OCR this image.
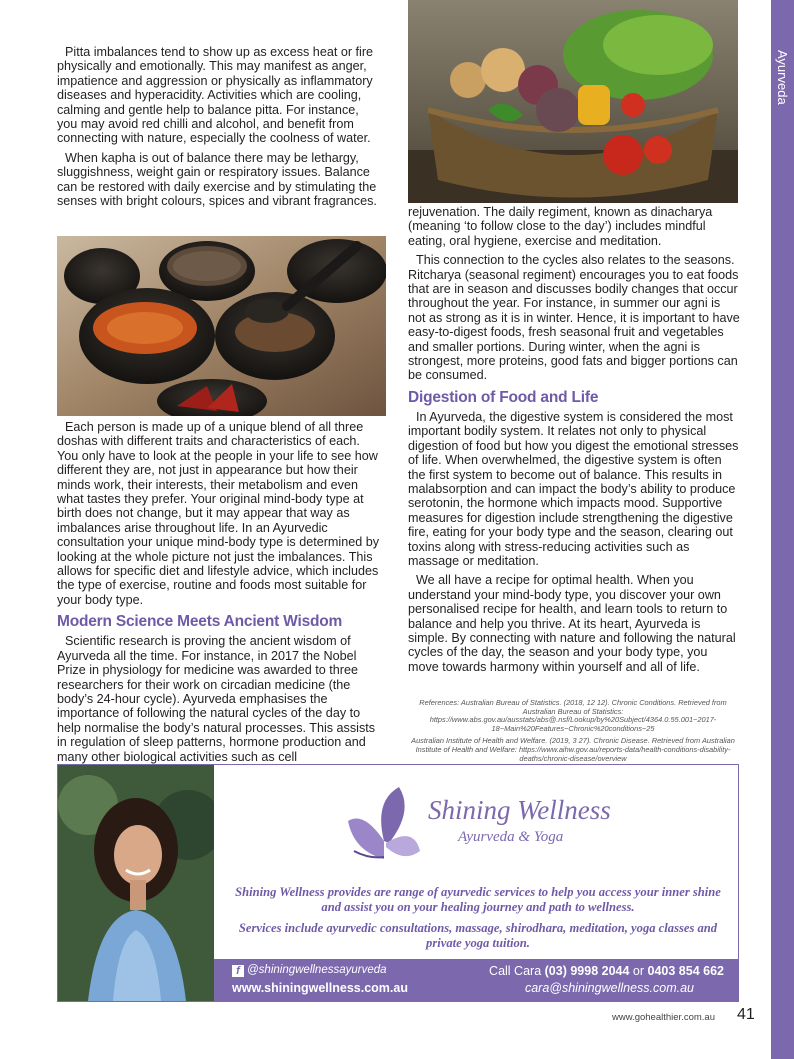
Ayurveda

Pitta imbalances tend to show up as excess heat or fire physically and emotionally. This may manifest as anger, impatience and aggression or physically as inflammatory diseases and hyperacidity. Activities which are cooling, calming and gentle help to balance pitta. For instance, you may avoid red chilli and alcohol, and benefit from connecting with nature, especially the coolness of water.

When kapha is out of balance there may be lethargy, sluggishness, weight gain or respiratory issues. Balance can be restored with daily exercise and by stimulating the senses with bright colours, spices and vibrant fragrances.

Each person is made up of a unique blend of all three doshas with different traits and characteristics of each. You only have to look at the people in your life to see how different they are, not just in appearance but how their minds work, their interests, their metabolism and even what tastes they prefer. Your original mind-body type at birth does not change, but it may appear that way as imbalances arise throughout life. In an Ayurvedic consultation your unique mind-body type is determined by looking at the whole picture not just the imbalances. This allows for specific diet and lifestyle advice, which includes the type of exercise, routine and foods most suitable for your body type.

Modern Science Meets Ancient Wisdom

Scientific research is proving the ancient wisdom of Ayurveda all the time. For instance, in 2017 the Nobel Prize in physiology for medicine was awarded to three researchers for their work on circadian medicine (the body’s 24-hour cycle). Ayurveda emphasises the importance of following the natural cycles of the day to help normalise the body’s natural processes. This assists in regulation of sleep patterns, hormone production and many other biological activities such as cell

rejuvenation. The daily regiment, known as dinacharya (meaning ‘to follow close to the day’) includes mindful eating, oral hygiene, exercise and meditation.

This connection to the cycles also relates to the seasons. Ritcharya (seasonal regiment) encourages you to eat foods that are in season and discusses bodily changes that occur throughout the year. For instance, in summer our agni is not as strong as it is in winter. Hence, it is important to have easy-to-digest foods, fresh seasonal fruit and vegetables and smaller portions. During winter, when the agni is strongest, more proteins, good fats and bigger portions can be consumed.

Digestion of Food and Life

In Ayurveda, the digestive system is considered the most important bodily system. It relates not only to physical digestion of food but how you digest the emotional stresses of life. When overwhelmed, the digestive system is often the first system to become out of balance. This results in malabsorption and can impact the body’s ability to produce serotonin, the hormone which impacts mood. Supportive measures for digestion include strengthening the digestive fire, eating for your body type and the season, clearing out toxins along with stress-reducing activities such as massage or meditation.

We all have a recipe for optimal health. When you understand your mind-body type, you discover your own personalised recipe for health, and learn tools to return to balance and help you thrive. At its heart, Ayurveda is simple. By connecting with nature and following the natural cycles of the day, the season and your body type, you move towards harmony within yourself and all of life.

References: Australian Bureau of Statistics. (2018, 12 12). Chronic Conditions. Retrieved from Australian Bureau of Statistics: https://www.abs.gov.au/ausstats/abs@.nsf/Lookup/by%20Subject/4364.0.55.001~2017-18~Main%20Features~Chronic%20conditions~25

Australian Institute of Health and Welfare. (2019, 3 27). Chronic Disease. Retrieved from Australian Institute of Health and Welfare: https://www.aihw.gov.au/reports-data/health-conditions-disability-deaths/chronic-disease/overview

Shining Wellness
Ayurveda & Yoga
Shining Wellness provides are range of ayurvedic services to help you access your inner shine and assist you on your healing journey and path to wellness.
Services include ayurvedic consultations, massage, shirodhara, meditation, yoga classes and private yoga tuition.
f @shiningwellnessayurveda
www.shiningwellness.com.au
Call Cara (03) 9998 2044 or 0403 854 662
cara@shiningwellness.com.au
www.gohealthier.com.au 41
